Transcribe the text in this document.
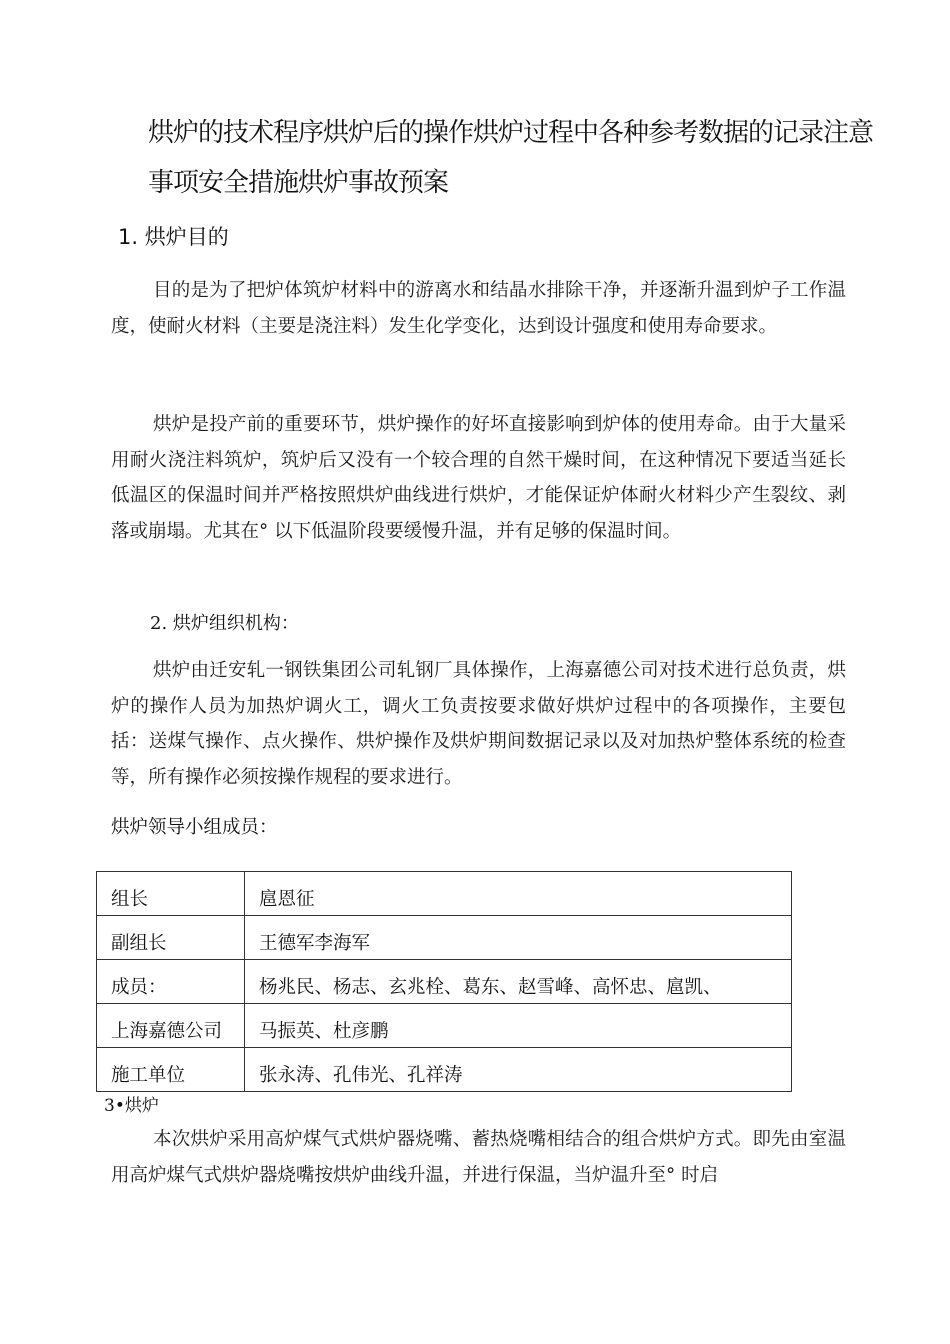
烘炉的技术程序烘炉后的操作烘炉过程中各种参考数据的记录注意事项安全措施烘炉事故预案
1. 烘炉目的
目的是为了把炉体筑炉材料中的游离水和结晶水排除干净，并逐渐升温到炉子工作温度，使耐火材料（主要是浇注料）发生化学变化，达到设计强度和使用寿命要求。
烘炉是投产前的重要环节，烘炉操作的好坏直接影响到炉体的使用寿命。由于大量采用耐火浇注料筑炉，筑炉后又没有一个较合理的自然干燥时间，在这种情况下要适当延长低温区的保温时间并严格按照烘炉曲线进行烘炉，才能保证炉体耐火材料少产生裂纹、剥落或崩塌。尤其在° 以下低温阶段要缓慢升温，并有足够的保温时间。
2. 烘炉组织机构：
烘炉由迁安轧一钢铁集团公司轧钢厂具体操作，上海嘉德公司对技术进行总负责，烘炉的操作人员为加热炉调火工，调火工负责按要求做好烘炉过程中的各项操作，主要包括：送煤气操作、点火操作、烘炉操作及烘炉期间数据记录以及对加热炉整体系统的检查等，所有操作必须按操作规程的要求进行。
烘炉领导小组成员：
组长	扈恩征
副组长	王德军李海军
成员：	杨兆民、杨志、玄兆栓、葛东、赵雪峰、高怀忠、扈凯、
上海嘉德公司	马振英、杜彦鹏
施工单位	张永涛、孔伟光、孔祥涛
3•烘炉
本次烘炉采用高炉煤气式烘炉器烧嘴、蓄热烧嘴相结合的组合烘炉方式。即先由室温用高炉煤气式烘炉器烧嘴按烘炉曲线升温，并进行保温，当炉温升至° 时启
